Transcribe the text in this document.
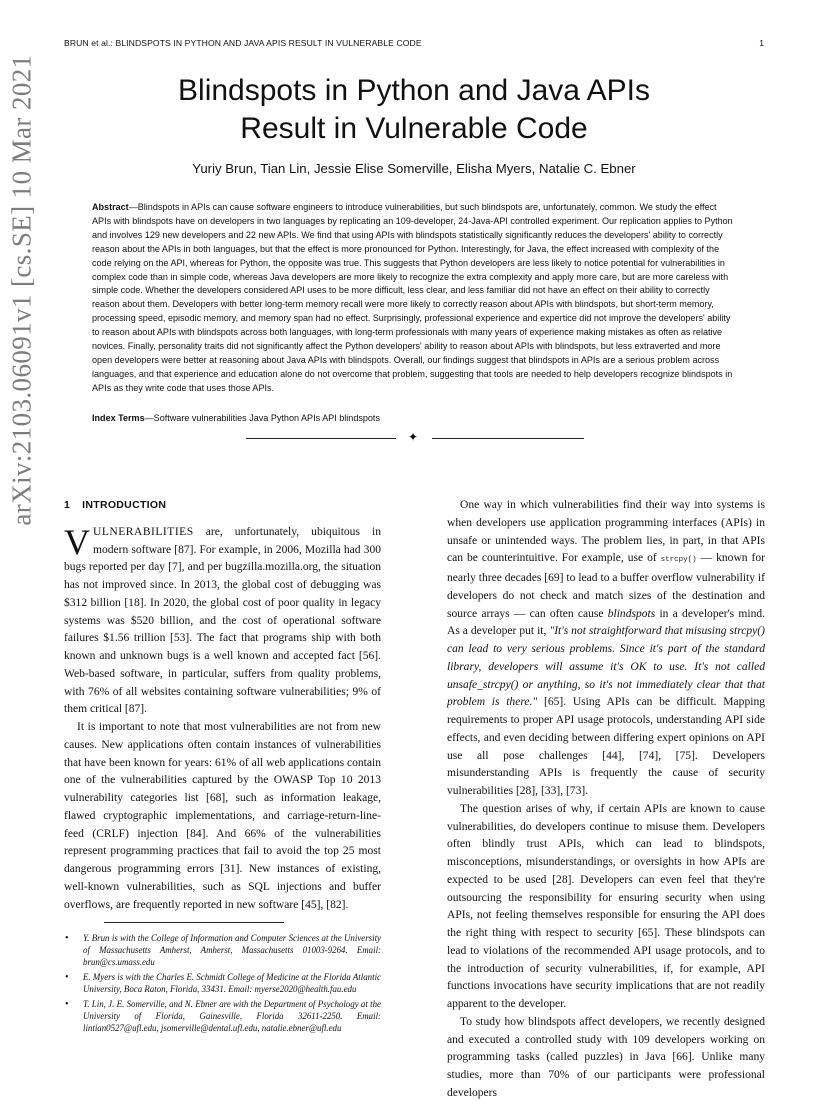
BRUN et al.: BLINDSPOTS IN PYTHON AND JAVA APIS RESULT IN VULNERABLE CODE	1
arXiv:2103.06091v1 [cs.SE] 10 Mar 2021	Blindspots in Python and Java APIs
Result in Vulnerable Code
Yuriy Brun, Tian Lin, Jessie Elise Somerville, Elisha Myers, Natalie C. Ebner

Abstract—Blindspots in APIs can cause software engineers to introduce vulnerabilities, but such blindspots are, unfortunately, common. We study the effect APIs with blindspots have on developers in two languages by replicating an 109-developer, 24-Java-API controlled experiment. Our replication applies to Python and involves 129 new developers and 22 new APIs. We find that using APIs with blindspots statistically significantly reduces the developers' ability to correctly reason about the APIs in both languages, but that the effect is more pronounced for Python. Interestingly, for Java, the effect increased with complexity of the code relying on the API, whereas for Python, the opposite was true. This suggests that Python developers are less likely to notice potential for vulnerabilities in complex code than in simple code, whereas Java developers are more likely to recognize the extra complexity and apply more care, but are more careless with simple code. Whether the developers considered API uses to be more difficult, less clear, and less familiar did not have an effect on their ability to correctly reason about them. Developers with better long-term memory recall were more likely to correctly reason about APIs with blindspots, but short-term memory, processing speed, episodic memory, and memory span had no effect. Surprisingly, professional experience and expertice did not improve the developers' ability to reason about APIs with blindspots across both languages, with long-term professionals with many years of experience making mistakes as often as relative novices. Finally, personality traits did not significantly affect the Python developers' ability to reason about APIs with blindspots, but less extraverted and more open developers were better at reasoning about Java APIs with blindspots. Overall, our findings suggest that blindspots in APIs are a serious problem across languages, and that experience and education alone do not overcome that problem, suggesting that tools are needed to help developers recognize blindspots in APIs as they write code that uses those APIs.

Index Terms—Software vulnerabilities Java Python APIs API blindspots

✦
1 INTRODUCTION

VULNERABILITIES are, unfortunately, ubiquitous in modern software [87]. For example, in 2006, Mozilla had 300 bugs reported per day [7], and per bugzilla.mozilla.org, the situation has not improved since. In 2013, the global cost of debugging was $312 billion [18]. In 2020, the global cost of poor quality in legacy systems was $520 billion, and the cost of operational software failures $1.56 trillion [53]. The fact that programs ship with both known and unknown bugs is a well known and accepted fact [56]. Web-based software, in particular, suffers from quality problems, with 76% of all websites containing software vulnerabilities; 9% of them critical [87].

It is important to note that most vulnerabilities are not from new causes. New applications often contain instances of vulnerabilities that have been known for years: 61% of all web applications contain one of the vulnerabilities captured by the OWASP Top 10 2013 vulnerability categories list [68], such as information leakage, flawed cryptographic implementations, and carriage-return-line-feed (CRLF) injection [84]. And 66% of the vulnerabilities represent programming practices that fail to avoid the top 25 most dangerous programming errors [31]. New instances of existing, well-known vulnerabilities, such as SQL injections and buffer overflows, are frequently reported in new software [45], [82].

• Y. Brun is with the College of Information and Computer Sciences at the University of Massachusetts Amherst, Amherst, Massachusetts 01003-9264. Email: brun@cs.umass.edu
• E. Myers is with the Charles E. Schmidt College of Medicine at the Florida Atlantic University, Boca Raton, Florida, 33431. Email: myerse2020@health.fau.edu
• T. Lin, J. E. Somerville, and N. Ebner are with the Department of Psychology at the University of Florida, Gainesville, Florida 32611-2250. Email: lintian0527@ufl.edu, jsomerville@dental.ufl.edu, natalie.ebner@ufl.edu

One way in which vulnerabilities find their way into systems is when developers use application programming interfaces (APIs) in unsafe or unintended ways. The problem lies, in part, in that APIs can be counterintuitive. For example, use of strcpy() — known for nearly three decades [69] to lead to a buffer overflow vulnerability if developers do not check and match sizes of the destination and source arrays — can often cause blindspots in a developer's mind. As a developer put it, "It's not straightforward that misusing strcpy() can lead to very serious problems. Since it's part of the standard library, developers will assume it's OK to use. It's not called unsafe_strcpy() or anything, so it's not immediately clear that that problem is there." [65]. Using APIs can be difficult. Mapping requirements to proper API usage protocols, understanding API side effects, and even deciding between differing expert opinions on API use all pose challenges [44], [74], [75]. Developers misunderstanding APIs is frequently the cause of security vulnerabilities [28], [33], [73].

The question arises of why, if certain APIs are known to cause vulnerabilities, do developers continue to misuse them. Developers often blindly trust APIs, which can lead to blindspots, misconceptions, misunderstandings, or oversights in how APIs are expected to be used [28]. Developers can even feel that they're outsourcing the responsibility for ensuring security when using APIs, not feeling themselves responsible for ensuring the API does the right thing with respect to security [65]. These blindspots can lead to violations of the recommended API usage protocols, and to the introduction of security vulnerabilities, if, for example, API functions invocations have security implications that are not readily apparent to the developer.

To study how blindspots affect developers, we recently designed and executed a controlled study with 109 developers working on programming tasks (called puzzles) in Java [66]. Unlike many studies, more than 70% of our participants were professional developers
